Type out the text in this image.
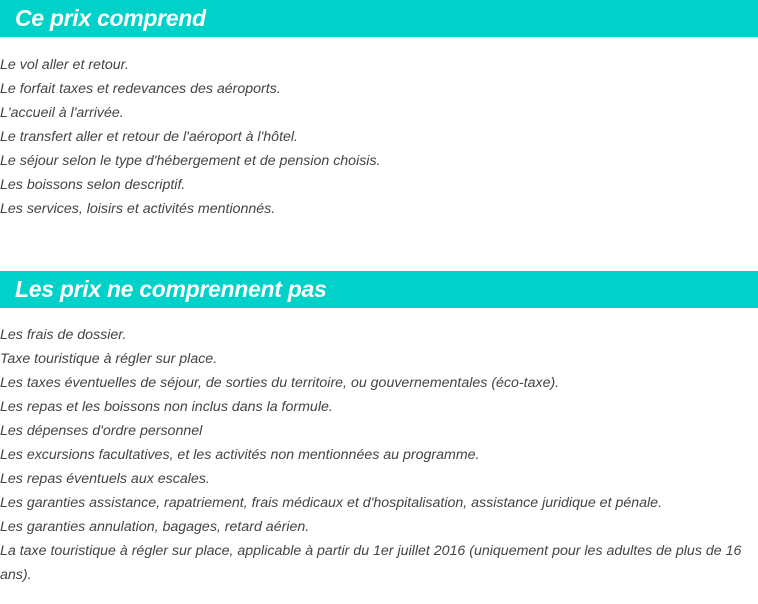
Ce prix comprend
Le vol aller et retour.
Le forfait taxes et redevances des aéroports.
L'accueil à l'arrivée.
Le transfert aller et retour de l'aéroport à l'hôtel.
Le séjour selon le type d'hébergement et de pension choisis.
Les boissons selon descriptif.
Les services, loisirs et activités mentionnés.
Les prix ne comprennent pas
Les frais de dossier.
Taxe touristique à régler sur place.
Les taxes éventuelles de séjour, de sorties du territoire, ou gouvernementales (éco-taxe).
Les repas et les boissons non inclus dans la formule.
Les dépenses d'ordre personnel
Les excursions facultatives, et les activités non mentionnées au programme.
Les repas éventuels aux escales.
Les garanties assistance, rapatriement, frais médicaux et d'hospitalisation, assistance juridique et pénale.
Les garanties annulation, bagages, retard aérien.
La taxe touristique à régler sur place, applicable à partir du 1er juillet 2016 (uniquement pour les adultes de plus de 16 ans).
